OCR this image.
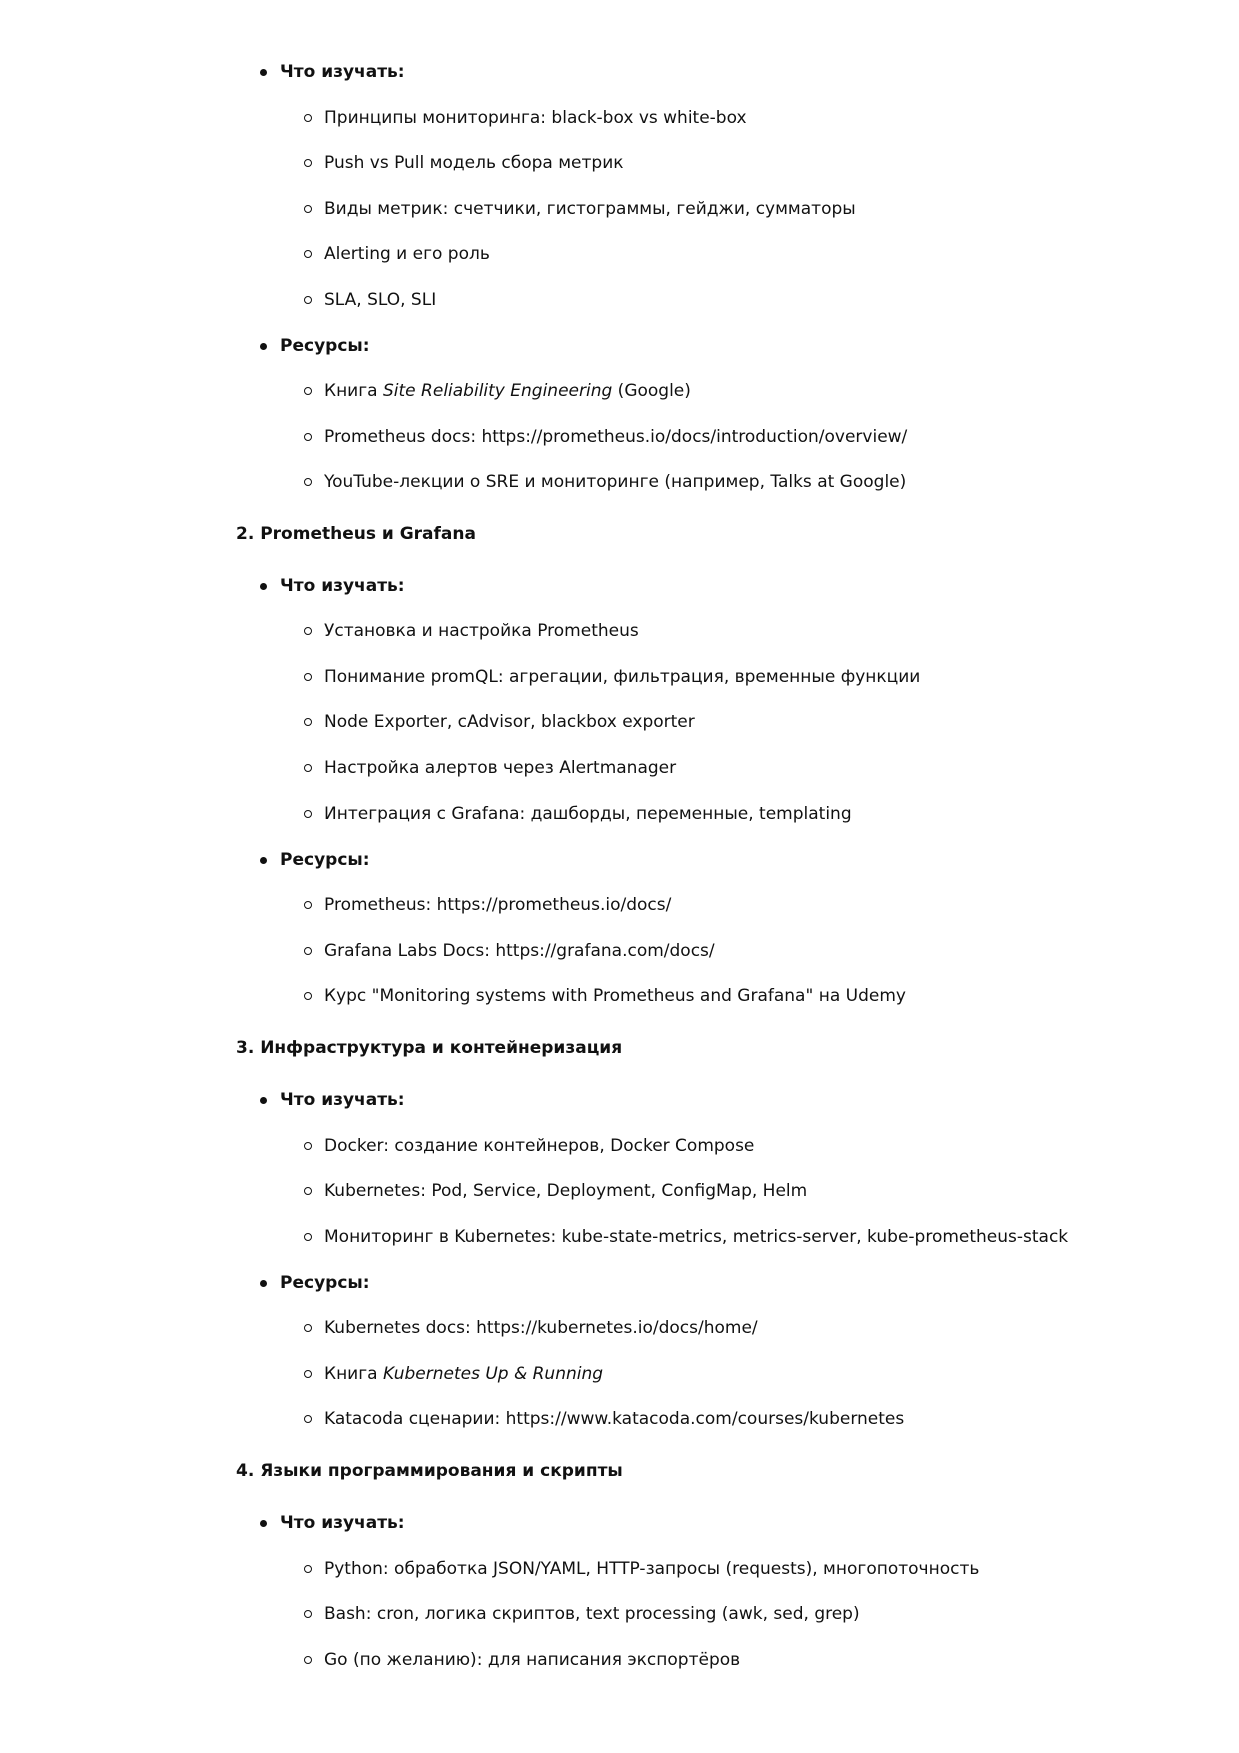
Что изучать:
Принципы мониторинга: black-box vs white-box
Push vs Pull модель сбора метрик
Виды метрик: счетчики, гистограммы, гейджи, сумматоры
Alerting и его роль
SLA, SLO, SLI
Ресурсы:
Книга Site Reliability Engineering (Google)
Prometheus docs: https://prometheus.io/docs/introduction/overview/
YouTube-лекции о SRE и мониторинге (например, Talks at Google)
2. Prometheus и Grafana
Что изучать:
Установка и настройка Prometheus
Понимание promQL: агрегации, фильтрация, временные функции
Node Exporter, cAdvisor, blackbox exporter
Настройка алертов через Alertmanager
Интеграция с Grafana: дашборды, переменные, templating
Ресурсы:
Prometheus: https://prometheus.io/docs/
Grafana Labs Docs: https://grafana.com/docs/
Курс "Monitoring systems with Prometheus and Grafana" на Udemy
3. Инфраструктура и контейнеризация
Что изучать:
Docker: создание контейнеров, Docker Compose
Kubernetes: Pod, Service, Deployment, ConfigMap, Helm
Мониторинг в Kubernetes: kube-state-metrics, metrics-server, kube-prometheus-stack
Ресурсы:
Kubernetes docs: https://kubernetes.io/docs/home/
Книга Kubernetes Up & Running
Katacoda сценарии: https://www.katacoda.com/courses/kubernetes
4. Языки программирования и скрипты
Что изучать:
Python: обработка JSON/YAML, HTTP-запросы (requests), многопоточность
Bash: cron, логика скриптов, text processing (awk, sed, grep)
Go (по желанию): для написания экспортёров
